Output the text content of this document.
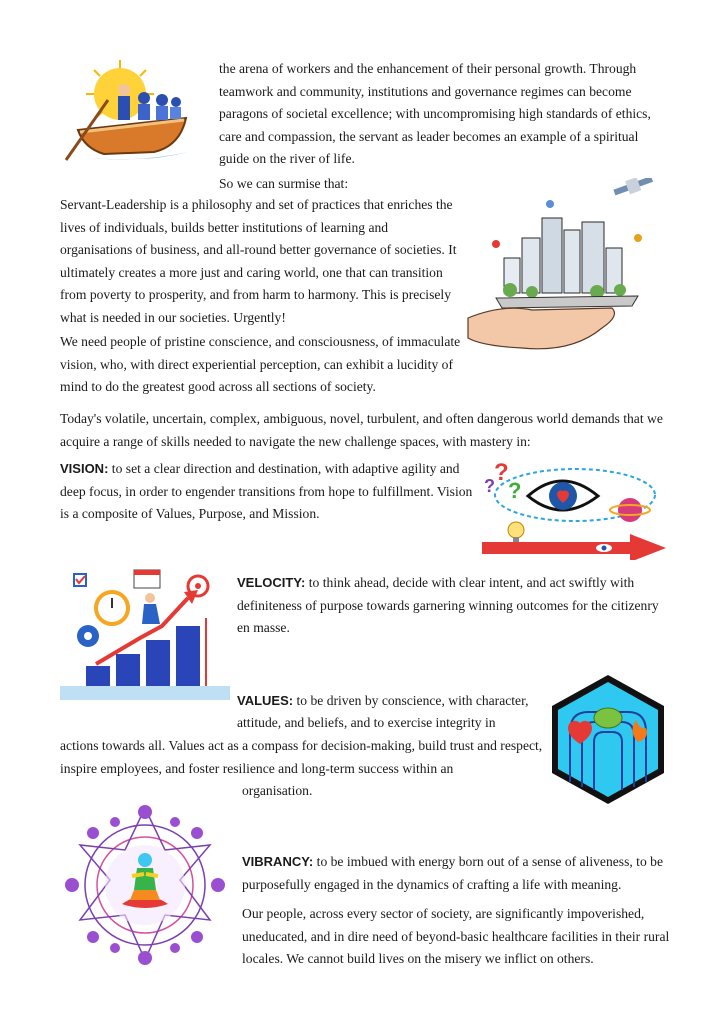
the arena of workers and the enhancement of their personal growth. Through teamwork and community, institutions and governance regimes can become paragons of societal excellence; with uncompromising high standards of ethics, care and compassion, the servant as leader becomes an example of a spiritual guide on the river of life.

So we can surmise that:

Servant-Leadership is a philosophy and set of practices that enriches the lives of individuals, builds better institutions of learning and organisations of business, and all-round better governance of societies. It ultimately creates a more just and caring world, one that can transition from poverty to prosperity, and from harm to harmony. This is precisely what is needed in our societies. Urgently!

We need people of pristine conscience, and consciousness, of immaculate vision, who, with direct experiential perception, can exhibit a lucidity of mind to do the greatest good across all sections of society.

Today's volatile, uncertain, complex, ambiguous, novel, turbulent, and often dangerous world demands that we acquire a range of skills needed to navigate the new challenge spaces, with mastery in:

VISION: to set a clear direction and destination, with adaptive agility and deep focus, in order to engender transitions from hope to fulfillment. Vision is a composite of Values, Purpose, and Mission.

?
? ?

VELOCITY: to think ahead, decide with clear intent, and act swiftly with definiteness of purpose towards garnering winning outcomes for the citizenry en masse.

VALUES: to be driven by conscience, with character,

attitude, and beliefs, and to exercise integrity in

actions towards all. Values act as a compass for decision-making, build trust and respect, inspire employees, and foster resilience and long-term success within an

organisation.

VIBRANCY: to be imbued with energy born out of a sense of aliveness, to be purposefully engaged in the dynamics of crafting a life with meaning.

Our people, across every sector of society, are significantly impoverished, uneducated, and in dire need of beyond-basic healthcare facilities in their rural locales. We cannot build lives on the misery we inflict on others.
